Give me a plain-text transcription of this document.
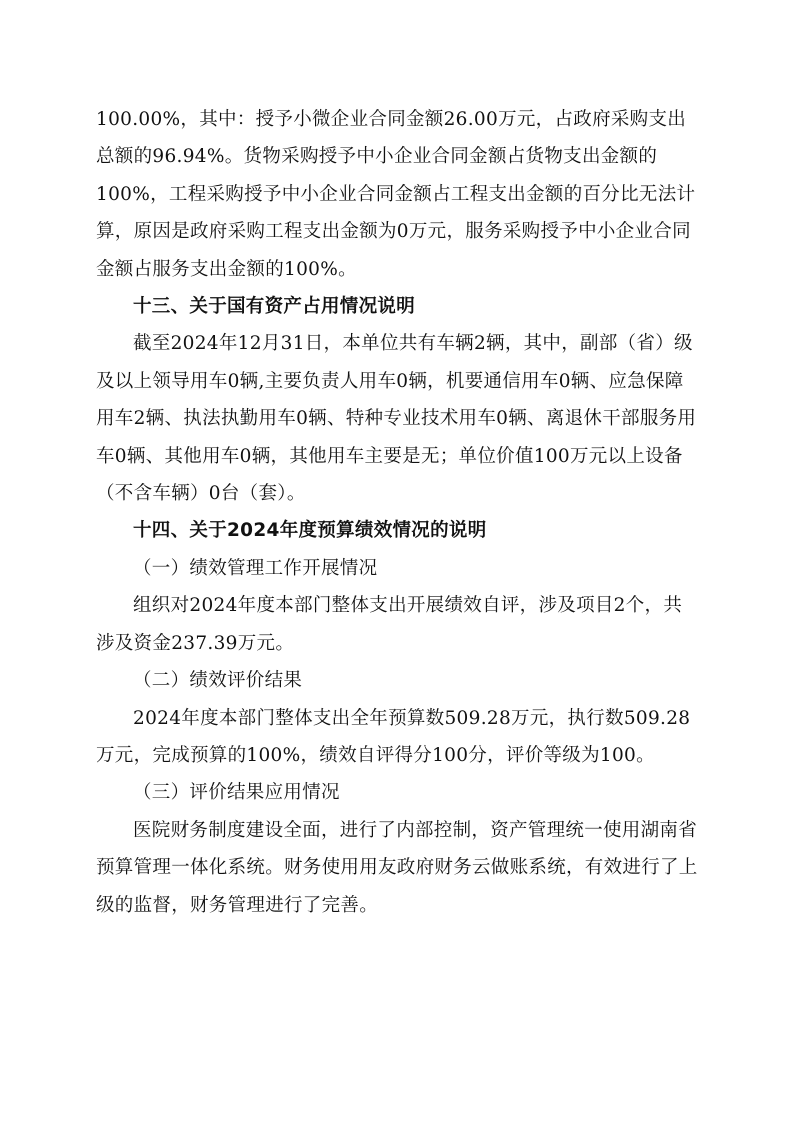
100.00%，其中：授予小微企业合同金额26.00万元，占政府采购支出总额的96.94%。货物采购授予中小企业合同金额占货物支出金额的100%，工程采购授予中小企业合同金额占工程支出金额的百分比无法计算，原因是政府采购工程支出金额为0万元，服务采购授予中小企业合同金额占服务支出金额的100%。

十三、关于国有资产占用情况说明

截至2024年12月31日，本单位共有车辆2辆，其中，副部（省）级及以上领导用车0辆,主要负责人用车0辆，机要通信用车0辆、应急保障用车2辆、执法执勤用车0辆、特种专业技术用车0辆、离退休干部服务用车0辆、其他用车0辆，其他用车主要是无；单位价值100万元以上设备（不含车辆）0台（套）。

十四、关于2024年度预算绩效情况的说明

（一）绩效管理工作开展情况

组织对2024年度本部门整体支出开展绩效自评，涉及项目2个，共涉及资金237.39万元。

（二）绩效评价结果

2024年度本部门整体支出全年预算数509.28万元，执行数509.28万元，完成预算的100%，绩效自评得分100分，评价等级为100。

（三）评价结果应用情况

医院财务制度建设全面，进行了内部控制，资产管理统一使用湖南省预算管理一体化系统。财务使用用友政府财务云做账系统，有效进行了上级的监督，财务管理进行了完善。
